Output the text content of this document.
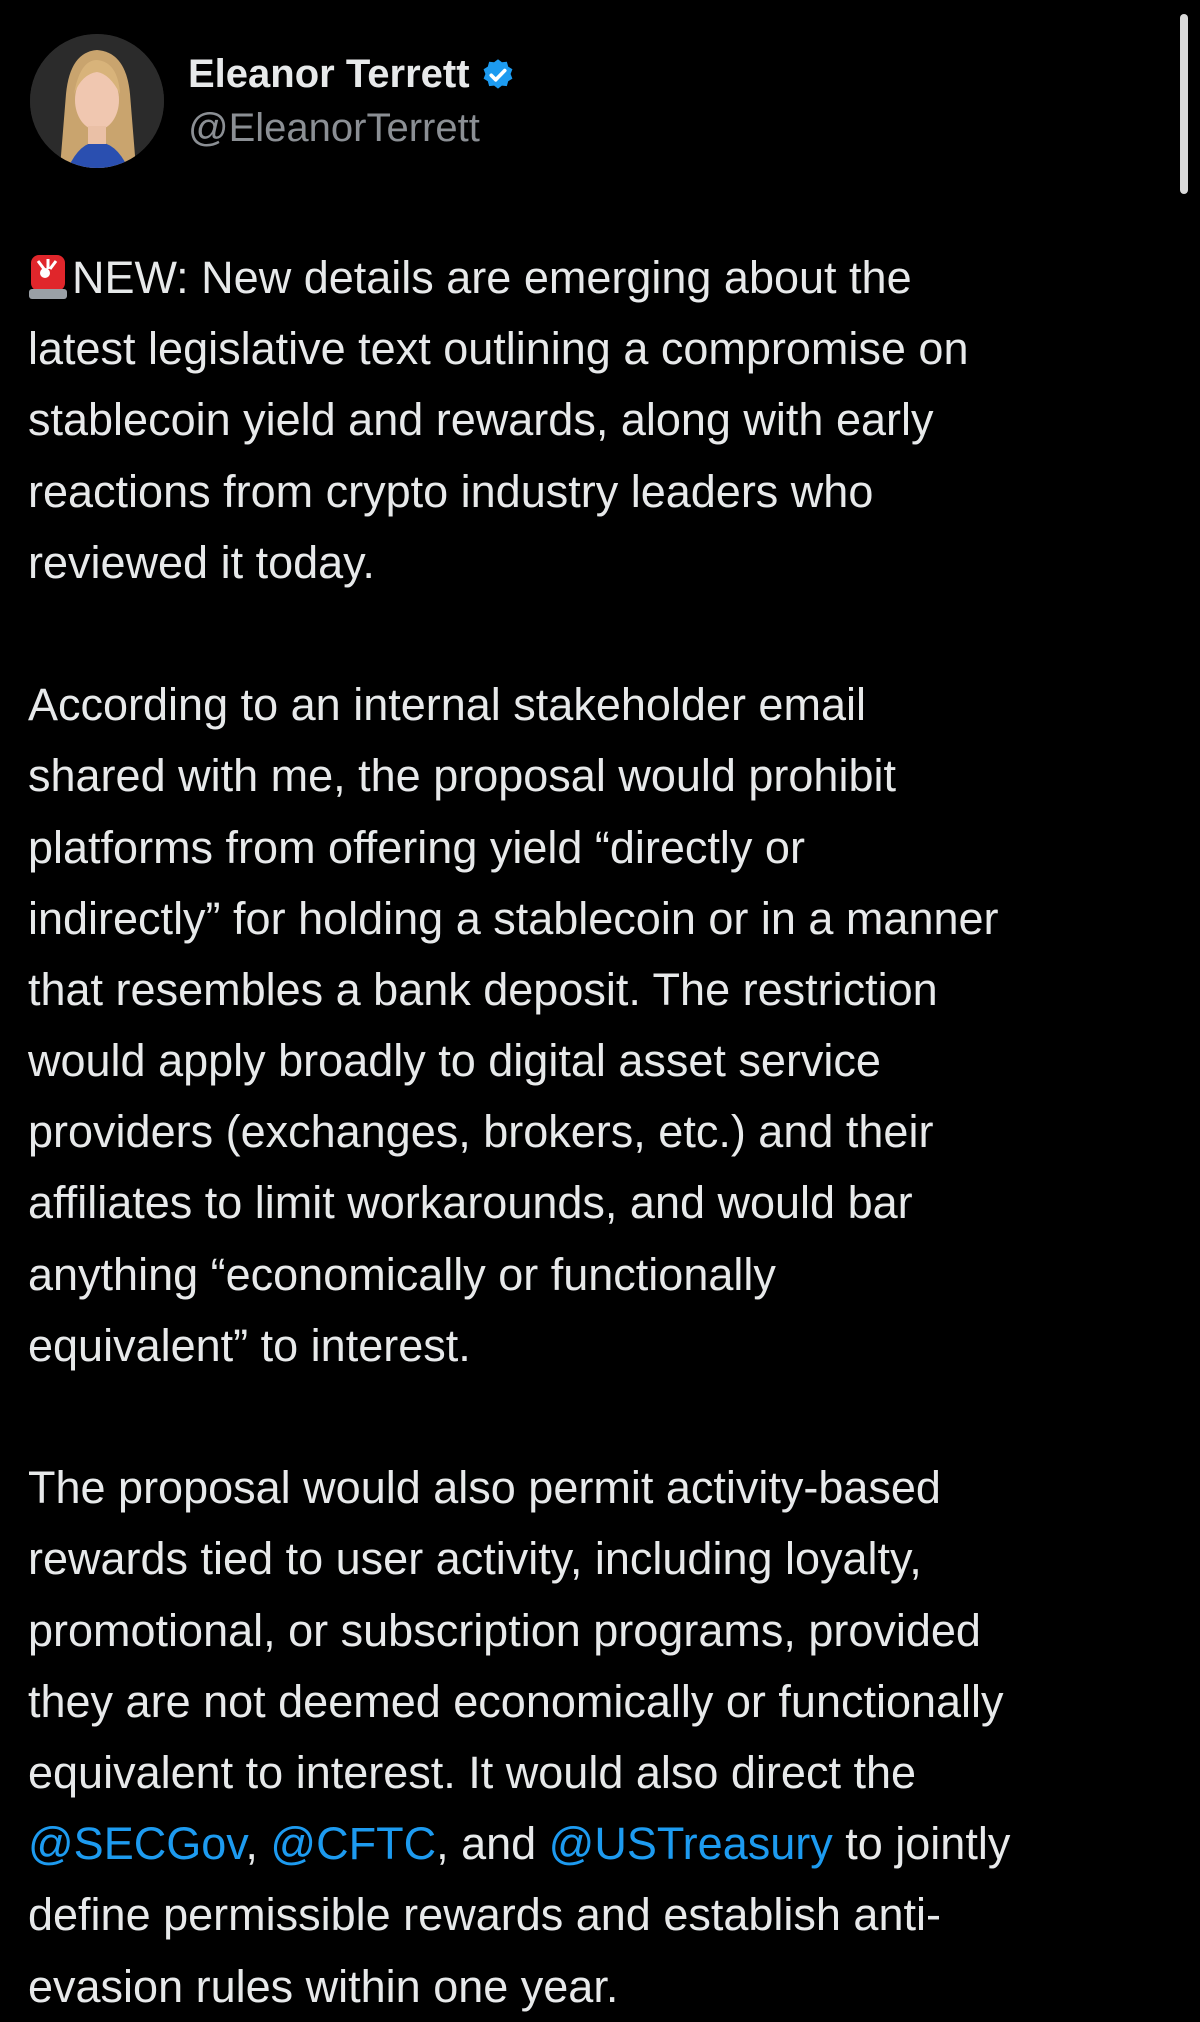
Eleanor Terrett
@EleanorTerrett
NEW: New details are emerging about the
latest legislative text outlining a compromise on
stablecoin yield and rewards, along with early
reactions from crypto industry leaders who
reviewed it today.
According to an internal stakeholder email
shared with me, the proposal would prohibit
platforms from offering yield “directly or
indirectly” for holding a stablecoin or in a manner
that resembles a bank deposit. The restriction
would apply broadly to digital asset service
providers (exchanges, brokers, etc.) and their
affiliates to limit workarounds, and would bar
anything “economically or functionally
equivalent” to interest.
The proposal would also permit activity-based
rewards tied to user activity, including loyalty,
promotional, or subscription programs, provided
they are not deemed economically or functionally
equivalent to interest. It would also direct the
@SECGov, @CFTC, and @USTreasury to jointly
define permissible rewards and establish anti-
evasion rules within one year.
